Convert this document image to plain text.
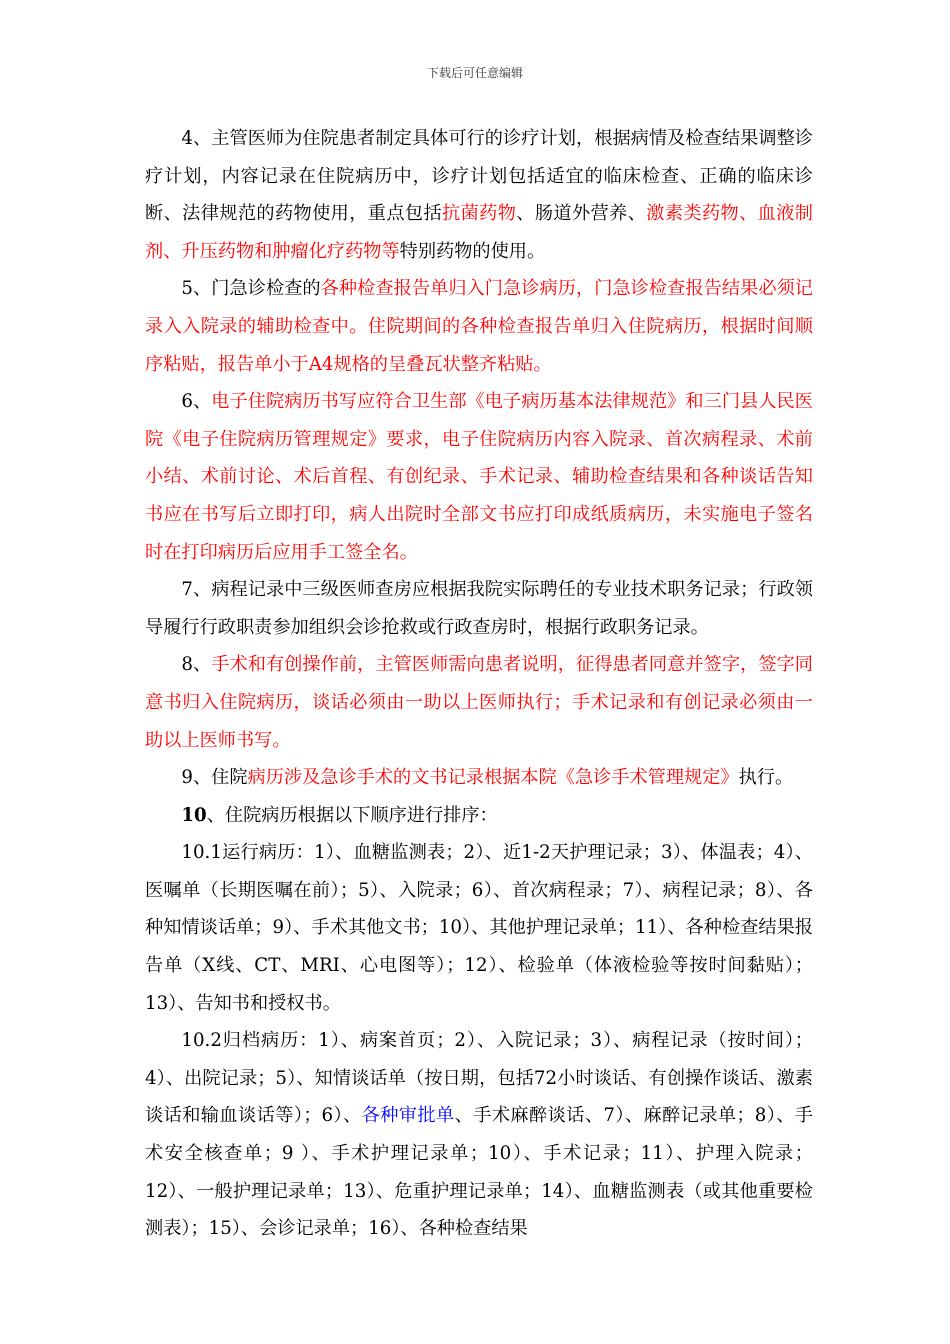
下载后可任意编辑

4、主管医师为住院患者制定具体可行的诊疗计划，根据病情及检查结果调整诊疗计划，内容记录在住院病历中，诊疗计划包括适宜的临床检查、正确的临床诊断、法律规范的药物使用，重点包括抗菌药物、肠道外营养、激素类药物、血液制剂、升压药物和肿瘤化疗药物等特别药物的使用。

5、门急诊检查的各种检查报告单归入门急诊病历，门急诊检查报告结果必须记录入入院录的辅助检查中。住院期间的各种检查报告单归入住院病历，根据时间顺序粘贴，报告单小于A4规格的呈叠瓦状整齐粘贴。

6、电子住院病历书写应符合卫生部《电子病历基本法律规范》和三门县人民医院《电子住院病历管理规定》要求，电子住院病历内容入院录、首次病程录、术前小结、术前讨论、术后首程、有创纪录、手术记录、辅助检查结果和各种谈话告知书应在书写后立即打印，病人出院时全部文书应打印成纸质病历，未实施电子签名时在打印病历后应用手工签全名。

7、病程记录中三级医师查房应根据我院实际聘任的专业技术职务记录；行政领导履行行政职责参加组织会诊抢救或行政查房时，根据行政职务记录。

8、手术和有创操作前，主管医师需向患者说明，征得患者同意并签字，签字同意书归入住院病历，谈话必须由一助以上医师执行；手术记录和有创记录必须由一助以上医师书写。

9、住院病历涉及急诊手术的文书记录根据本院《急诊手术管理规定》执行。

10、住院病历根据以下顺序进行排序：

10.1运行病历：1）、血糖监测表；2）、近1-2天护理记录；3）、体温表；4）、医嘱单（长期医嘱在前）；5）、入院录；6）、首次病程录；7）、病程记录；8）、各种知情谈话单；9）、手术其他文书；10）、其他护理记录单；11）、各种检查结果报告单（X线、CT、MRI、心电图等）；12）、检验单（体液检验等按时间黏贴）；13）、告知书和授权书。

10.2归档病历：1）、病案首页；2）、入院记录；3）、病程记录（按时间）；4）、出院记录；5）、知情谈话单（按日期，包括72小时谈话、有创操作谈话、激素谈话和输血谈话等）；6）、各种审批单、手术麻醉谈话、7）、麻醉记录单；8）、手术安全核查单；9 ）、手术护理记录单；10）、手术记录；11）、护理入院录；12）、一般护理记录单；13）、危重护理记录单；14）、血糖监测表（或其他重要检测表）；15）、会诊记录单；16）、各种检查结果
